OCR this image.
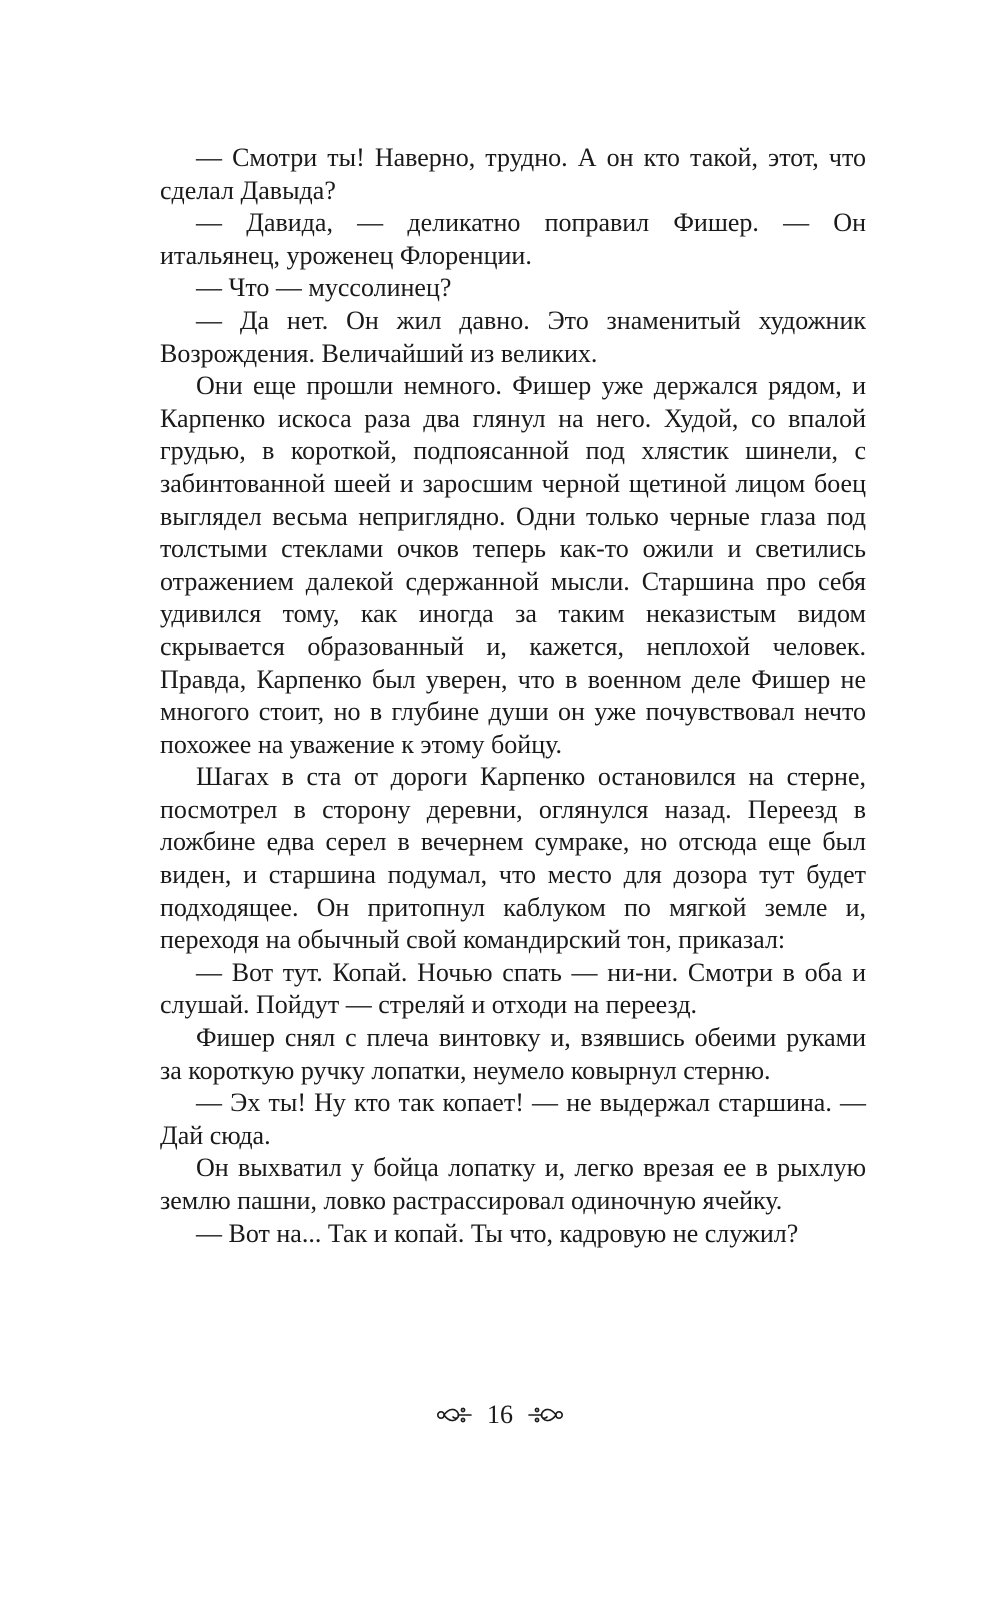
— Смотри ты! Наверно, трудно. А он кто такой, этот, что сделал Давыда?

— Давида, — деликатно поправил Фишер. — Он итальянец, уроженец Флоренции.

— Что — муссолинец?

— Да нет. Он жил давно. Это знаменитый художник Возрождения. Величайший из великих.

Они еще прошли немного. Фишер уже держался рядом, и Карпенко искоса раза два глянул на него. Худой, со впалой грудью, в короткой, подпоясанной под хлястик шинели, с забинтованной шеей и заросшим черной щетиной лицом боец выглядел весьма неприглядно. Одни только черные глаза под толстыми стеклами очков теперь как-то ожили и светились отражением далекой сдержанной мысли. Старшина про себя удивился тому, как иногда за таким неказистым видом скрывается образованный и, кажется, неплохой человек. Правда, Карпенко был уверен, что в военном деле Фишер не многого стоит, но в глубине души он уже почувствовал нечто похожее на уважение к этому бойцу.

Шагах в ста от дороги Карпенко остановился на стерне, посмотрел в сторону деревни, оглянулся назад. Переезд в ложбине едва серел в вечернем сумраке, но отсюда еще был виден, и старшина подумал, что место для дозора тут будет подходящее. Он притопнул каблуком по мягкой земле и, переходя на обычный свой командирский тон, приказал:

— Вот тут. Копай. Ночью спать — ни-ни. Смотри в оба и слушай. Пойдут — стреляй и отходи на переезд.

Фишер снял с плеча винтовку и, взявшись обеими руками за короткую ручку лопатки, неумело ковырнул стерню.

— Эх ты! Ну кто так копает! — не выдержал старшина. — Дай сюда.

Он выхватил у бойца лопатку и, легко врезая ее в рыхлую землю пашни, ловко растрассировал одиночную ячейку.

— Вот на... Так и копай. Ты что, кадровую не служил?

16
